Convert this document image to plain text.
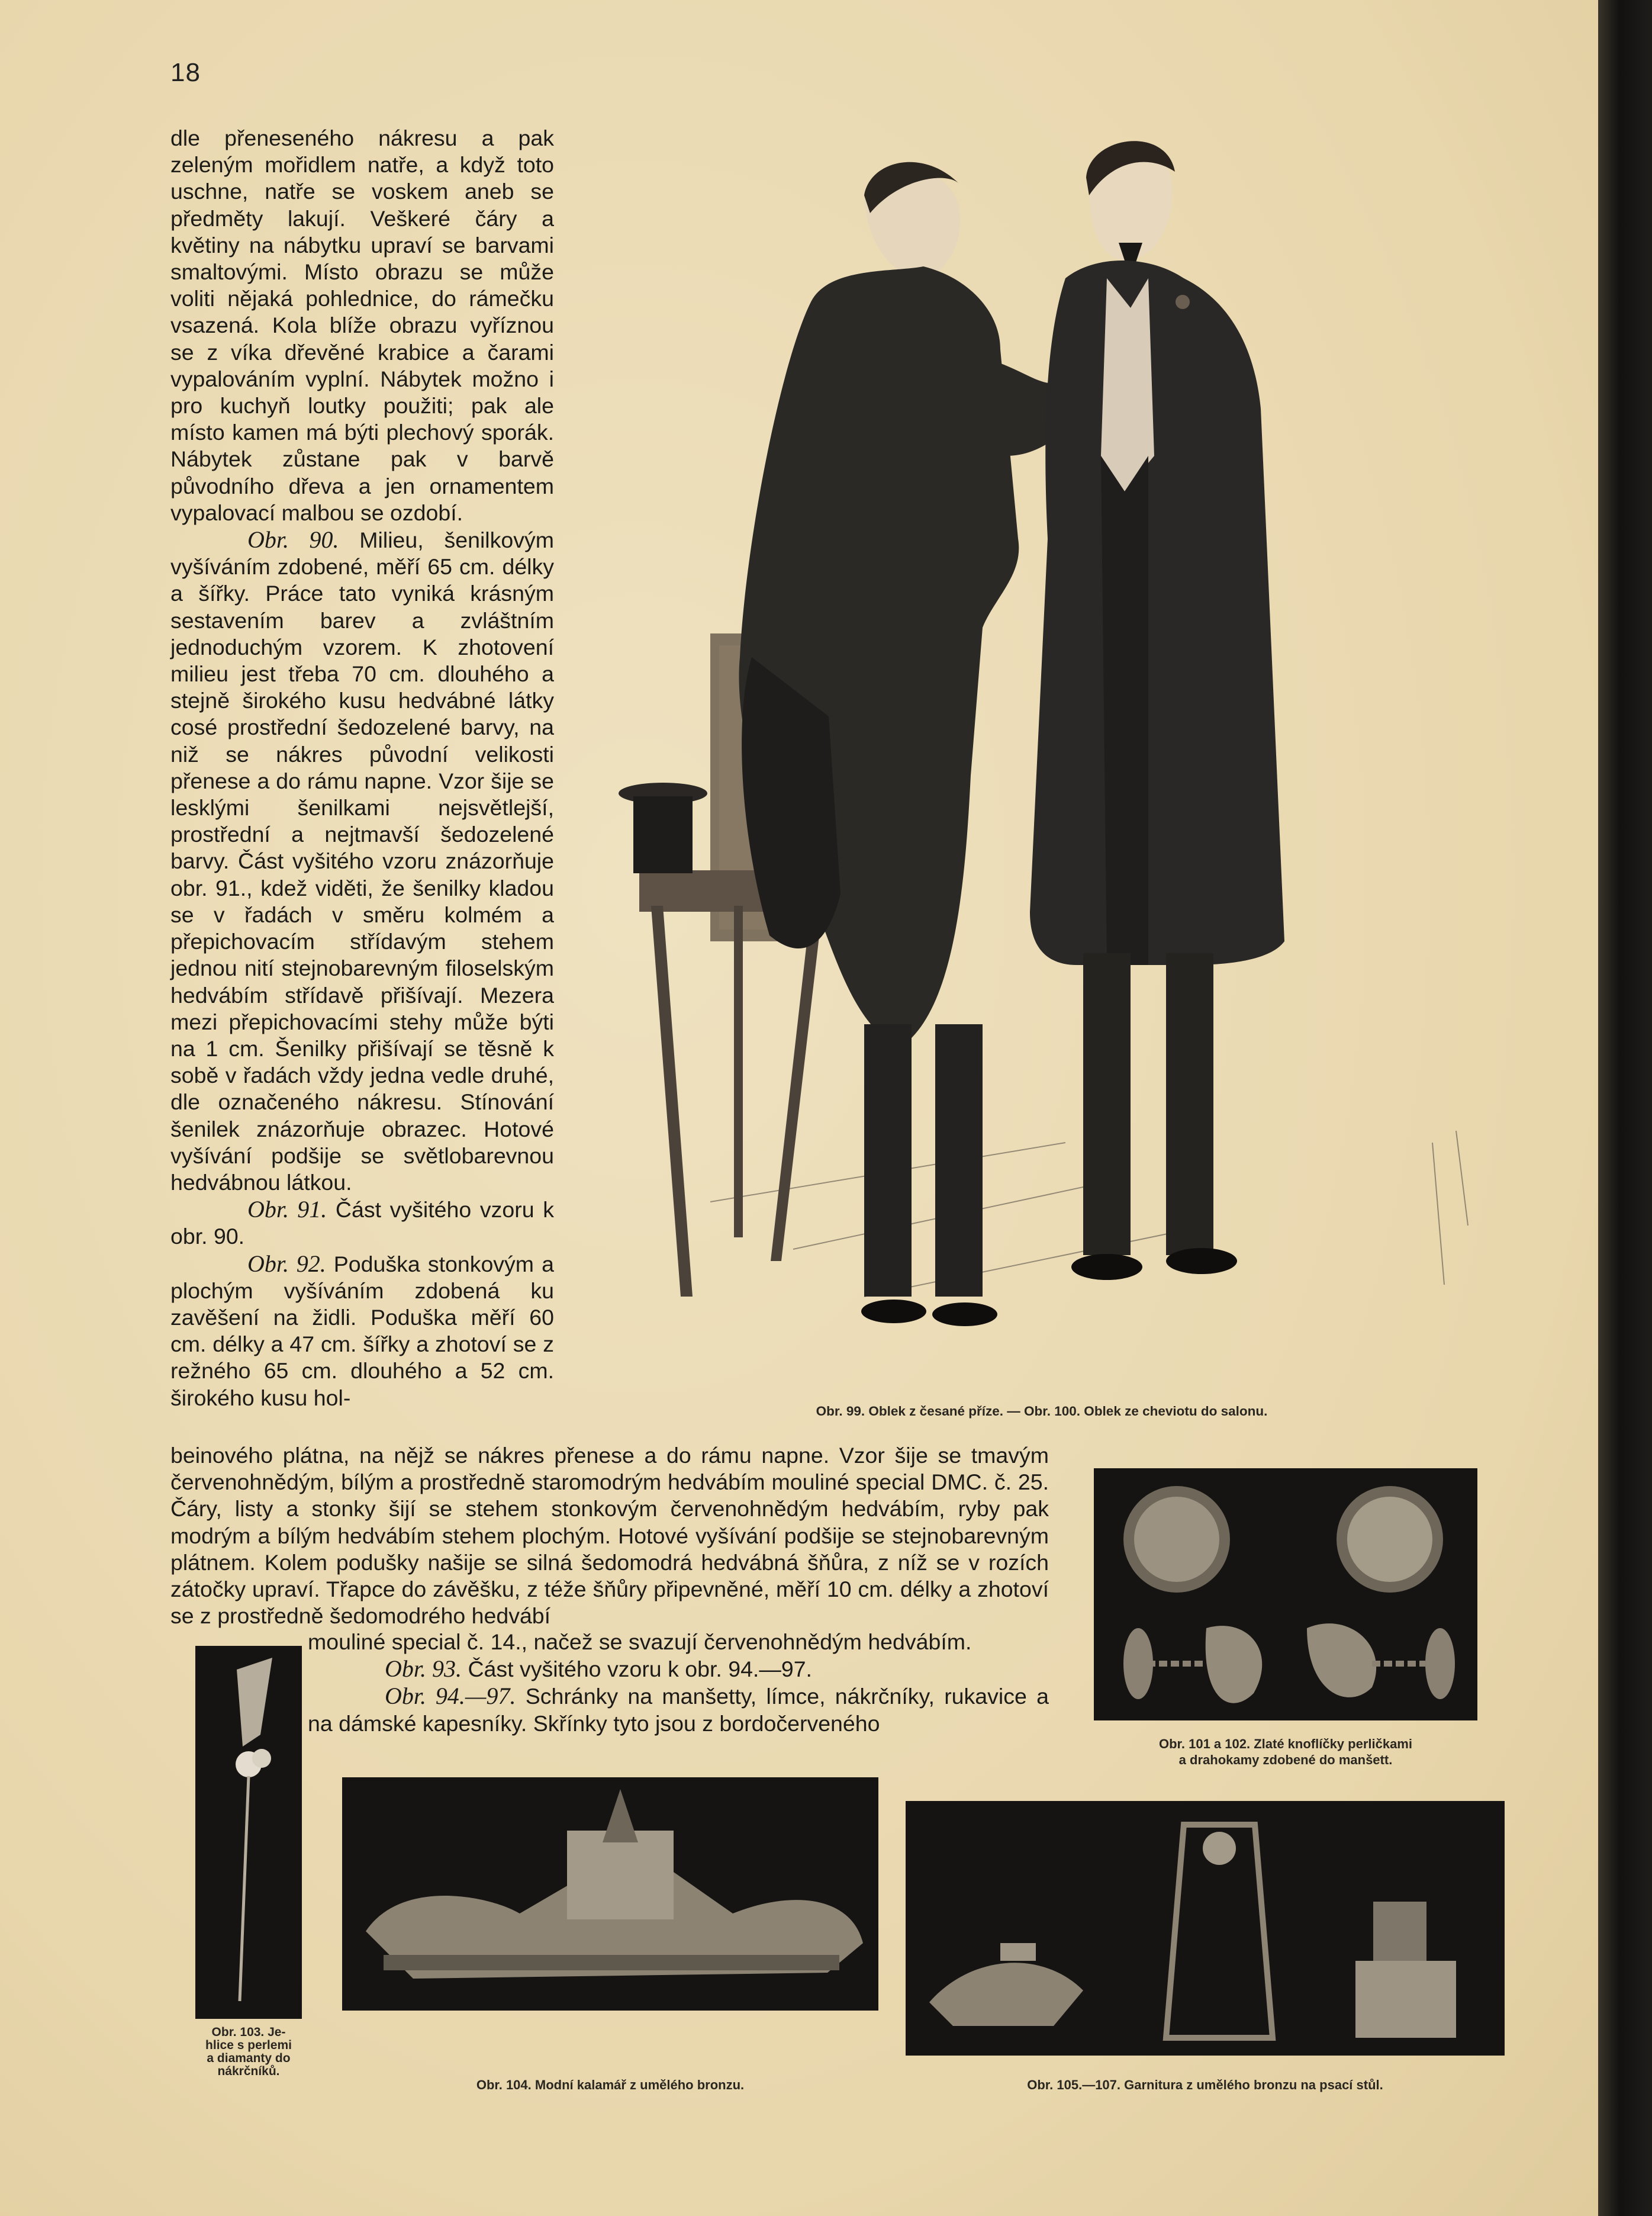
18

dle přeneseného nákresu a pak zeleným mořidlem natře, a když toto uschne, natře se voskem aneb se předměty lakují. Veškeré čáry a květiny na nábytku upraví se barvami smaltovými. Místo obrazu se může voliti nějaká pohlednice, do rámečku vsazená. Kola blíže obrazu vyříznou se z víka dřevěné krabice a čarami vypalováním vyplní. Nábytek možno i pro kuchyň loutky použiti; pak ale místo kamen má býti plechový sporák. Nábytek zůstane pak v barvě původního dřeva a jen ornamentem vypalovací malbou se ozdobí.

Obr. 90. Milieu, šenilkovým vyšíváním zdobené, měří 65 cm. délky a šířky. Práce tato vyniká krásným sestavením barev a zvláštním jednoduchým vzorem. K zhotovení milieu jest třeba 70 cm. dlouhého a stejně širokého kusu hedvábné látky cosé prostřední šedozelené barvy, na niž se nákres původní velikosti přenese a do rámu napne. Vzor šije se lesklými šenilkami nejsvětlejší, prostřední a nejtmavší šedozelené barvy. Část vyšitého vzoru znázorňuje obr. 91., kdež viděti, že šenilky kladou se v řadách v směru kolmém a přepichovacím střídavým stehem jednou nití stejnobarevným filoselským hedvábím střídavě přišívají. Mezera mezi přepichovacími stehy může býti na 1 cm. Šenilky přišívají se těsně k sobě v řadách vždy jedna vedle druhé, dle označeného nákresu. Stínování šenilek znázorňuje obrazec. Hotové vyšívání podšije se světlobarevnou hedvábnou látkou.

Obr. 91. Část vyšitého vzoru k obr. 90.

Obr. 92. Poduška stonkovým a plochým vyšíváním zdobená ku zavěšení na židli. Poduška měří 60 cm. délky a 47 cm. šířky a zhotoví se z režného 65 cm. dlouhého a 52 cm. širokého kusu hol-

Obr. 99. Oblek z česané příze. — Obr. 100. Oblek ze cheviotu do salonu.

beinového plátna, na nějž se nákres přenese a do rámu napne. Vzor šije se tmavým červenohnědým, bílým a prostředně staromodrým hedvábím mouliné special DMC. č. 25. Čáry, listy a stonky šijí se stehem stonkovým červenohnědým hedvábím, ryby pak modrým a bílým hedvábím stehem plochým. Hotové vyšívání podšije se stejnobarevným plátnem. Kolem podušky našije se silná šedomodrá hedvábná šňůra, z níž se v rozích zátočky upraví. Třapce do závěšku, z téže šňůry připevněné, měří 10 cm. délky a zhotoví se z prostředně šedomodrého hedvábí

mouliné special č. 14., načež se svazují červenohnědým hedvábím.

Obr. 93. Část vyšitého vzoru k obr. 94.—97.

Obr. 94.—97. Schránky na manšetty, límce, nákrčníky, rukavice a na dámské kapesníky. Skřínky tyto jsou z bordočerveného

Obr. 101 a 102. Zlaté knoflíčky perličkami
a drahokamy zdobené do manšett.
Obr. 103. Je-
hlice s perlemi
a diamanty do
nákrčníků.
Obr. 104. Modní kalamář z umělého bronzu.	Obr. 105.—107. Garnitura z umělého bronzu na psací stůl.
